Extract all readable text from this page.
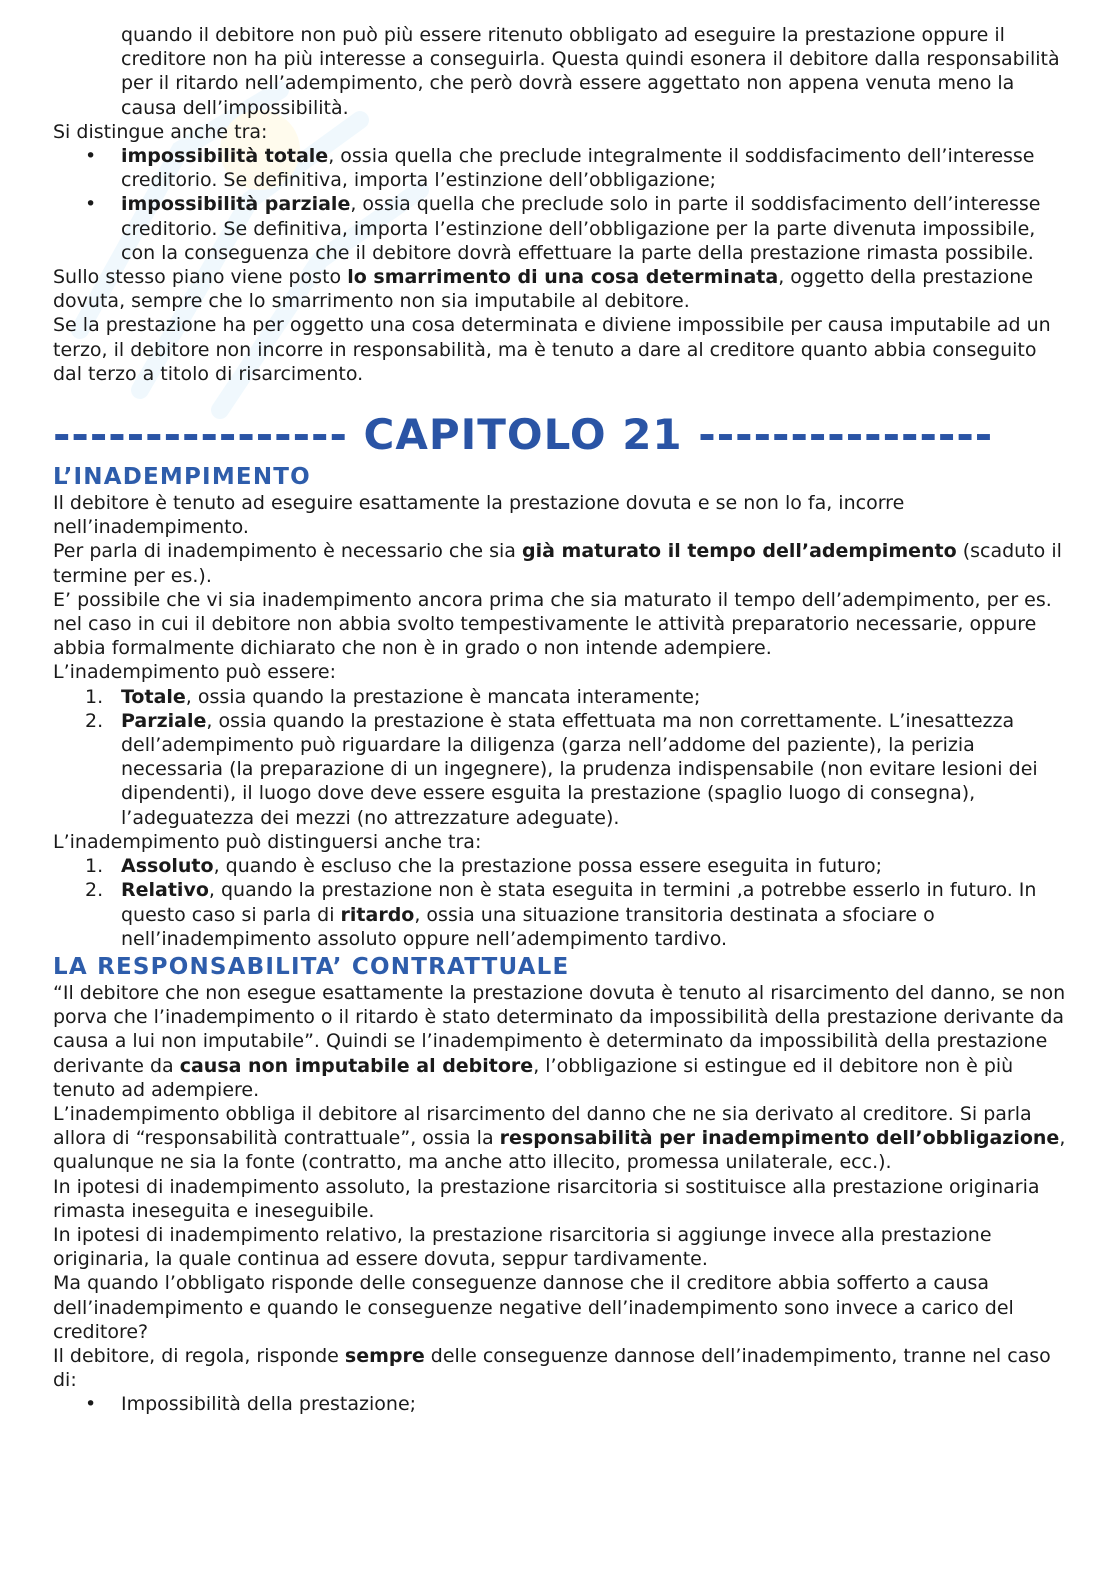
quando il debitore non può più essere ritenuto obbligato ad eseguire la prestazione oppure il creditore non ha più interesse a conseguirla. Questa quindi esonera il debitore dalla responsabilità per il ritardo nell’adempimento, che però dovrà essere aggettato non appena venuta meno la causa dell’impossibilità.

Si distingue anche tra:

• impossibilità totale, ossia quella che preclude integralmente il soddisfacimento dell’interesse creditorio. Se definitiva, importa l’estinzione dell’obbligazione;
• impossibilità parziale, ossia quella che preclude solo in parte il soddisfacimento dell’interesse creditorio. Se definitiva, importa l’estinzione dell’obbligazione per la parte divenuta impossibile, con la conseguenza che il debitore dovrà effettuare la parte della prestazione rimasta possibile.

Sullo stesso piano viene posto lo smarrimento di una cosa determinata, oggetto della prestazione dovuta, sempre che lo smarrimento non sia imputabile al debitore.

Se la prestazione ha per oggetto una cosa determinata e diviene impossibile per causa imputabile ad un terzo, il debitore non incorre in responsabilità, ma è tenuto a dare al creditore quanto abbia conseguito dal terzo a titolo di risarcimento.

---------------- CAPITOLO 21 ----------------
L’INADEMPIMENTO

Il debitore è tenuto ad eseguire esattamente la prestazione dovuta e se non lo fa, incorre nell’inadempimento.

Per parla di inadempimento è necessario che sia già maturato il tempo dell’adempimento (scaduto il termine per es.).

E’ possibile che vi sia inadempimento ancora prima che sia maturato il tempo dell’adempimento, per es. nel caso in cui il debitore non abbia svolto tempestivamente le attività preparatorio necessarie, oppure abbia formalmente dichiarato che non è in grado o non intende adempiere.

L’inadempimento può essere:

1. Totale, ossia quando la prestazione è mancata interamente;
2. Parziale, ossia quando la prestazione è stata effettuata ma non correttamente. L’inesattezza dell’adempimento può riguardare la diligenza (garza nell’addome del paziente), la perizia necessaria (la preparazione di un ingegnere), la prudenza indispensabile (non evitare lesioni dei dipendenti), il luogo dove deve essere esguita la prestazione (spaglio luogo di consegna), l’adeguatezza dei mezzi (no attrezzature adeguate).

L’inadempimento può distinguersi anche tra:

1. Assoluto, quando è escluso che la prestazione possa essere eseguita in futuro;
2. Relativo, quando la prestazione non è stata eseguita in termini ,a potrebbe esserlo in futuro. In questo caso si parla di ritardo, ossia una situazione transitoria destinata a sfociare o nell’inadempimento assoluto oppure nell’adempimento tardivo.
LA RESPONSABILITA’ CONTRATTUALE

“Il debitore che non esegue esattamente la prestazione dovuta è tenuto al risarcimento del danno, se non porva che l’inadempimento o il ritardo è stato determinato da impossibilità della prestazione derivante da causa a lui non imputabile”. Quindi se l’inadempimento è determinato da impossibilità della prestazione derivante da causa non imputabile al debitore, l’obbligazione si estingue ed il debitore non è più tenuto ad adempiere.

L’inadempimento obbliga il debitore al risarcimento del danno che ne sia derivato al creditore. Si parla allora di “responsabilità contrattuale”, ossia la responsabilità per inadempimento dell’obbligazione, qualunque ne sia la fonte (contratto, ma anche atto illecito, promessa unilaterale, ecc.).

In ipotesi di inadempimento assoluto, la prestazione risarcitoria si sostituisce alla prestazione originaria rimasta ineseguita e ineseguibile.

In ipotesi di inadempimento relativo, la prestazione risarcitoria si aggiunge invece alla prestazione originaria, la quale continua ad essere dovuta, seppur tardivamente.

Ma quando l’obbligato risponde delle conseguenze dannose che il creditore abbia sofferto a causa dell’inadempimento e quando le conseguenze negative dell’inadempimento sono invece a carico del creditore?

Il debitore, di regola, risponde sempre delle conseguenze dannose dell’inadempimento, tranne nel caso di:

• Impossibilità della prestazione;
